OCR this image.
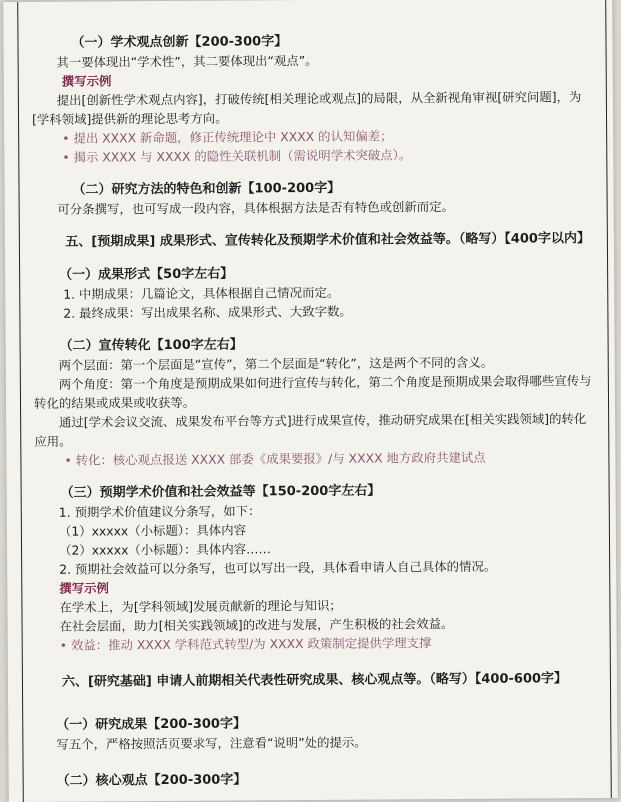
（一）学术观点创新【200-300字】

其一要体现出“学术性”，其二要体现出“观点”。

撰写示例

提出[创新性学术观点内容]，打破传统[相关理论或观点]的局限，从全新视角审视[研究问题]，为[学科领域]提供新的理论思考方向。

• 提出 XXXX 新命题，修正传统理论中 XXXX 的认知偏差；

• 揭示 XXXX 与 XXXX 的隐性关联机制（需说明学术突破点）。

（二）研究方法的特色和创新【100-200字】

可分条撰写，也可写成一段内容，具体根据方法是否有特色或创新而定。

五、[预期成果] 成果形式、宣传转化及预期学术价值和社会效益等。（略写）【400字以内】

（一）成果形式【50字左右】

1. 中期成果：几篇论文，具体根据自己情况而定。

2. 最终成果：写出成果名称、成果形式、大致字数。

（二）宣传转化【100字左右】

两个层面：第一个层面是“宣传”，第二个层面是“转化”，这是两个不同的含义。

两个角度：第一个角度是预期成果如何进行宣传与转化，第二个角度是预期成果会取得哪些宣传与转化的结果或成果或收获等。

通过[学术会议交流、成果发布平台等方式]进行成果宣传，推动研究成果在[相关实践领域]的转化应用。

• 转化：核心观点报送 XXXX 部委《成果要报》/与 XXXX 地方政府共建试点

（三）预期学术价值和社会效益等【150-200字左右】

1. 预期学术价值建议分条写，如下：

（1）xxxxx（小标题）：具体内容

（2）xxxxx（小标题）：具体内容……

2. 预期社会效益可以分条写，也可以写出一段，具体看申请人自己具体的情况。

撰写示例

在学术上，为[学科领域]发展贡献新的理论与知识；

在社会层面，助力[相关实践领域]的改进与发展，产生积极的社会效益。

• 效益：推动 XXXX 学科范式转型/为 XXXX 政策制定提供学理支撑

六、[研究基础] 申请人前期相关代表性研究成果、核心观点等。（略写）【400-600字】

（一）研究成果【200-300字】

写五个，严格按照活页要求写，注意看“说明”处的提示。

（二）核心观点【200-300字】
